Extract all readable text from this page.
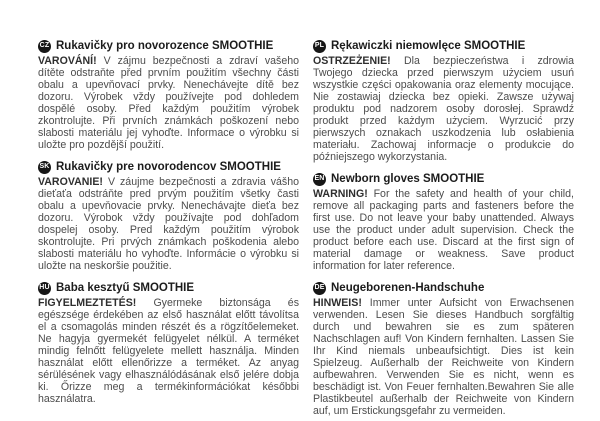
CZ Rukavičky pro novorozence SMOOTHIE

VAROVÁNÍ! V zájmu bezpečnosti a zdraví vašeho dítěte odstraňte před prvním použitím všechny části obalu a upevňovací prvky. Nenechávejte dítě bez dozoru. Výrobek vždy používejte pod dohledem dospělé osoby. Před každým použitím výrobek zkontrolujte. Při prvních známkách poškození nebo slabosti materiálu jej vyhoďte. Informace o výrobku si uložte pro pozdější použití.

SK Rukavičky pre novorodencov SMOOTHIE

VAROVANIE! V záujme bezpečnosti a zdravia vášho dieťaťa odstráňte pred prvým použitím všetky časti obalu a upevňovacie prvky. Nenechávajte dieťa bez dozoru. Výrobok vždy používajte pod dohľadom dospelej osoby. Pred každým použitím výrobok skontrolujte. Pri prvých známkach poškodenia alebo slabosti materiálu ho vyhoďte. Informácie o výrobku si uložte na neskoršie použitie.

HU Baba kesztyű SMOOTHIE

FIGYELMEZTETÉS! Gyermeke biztonsága és egészsége érdekében az első használat előtt távolítsa el a csomagolás minden részét és a rögzítőelemeket. Ne hagyja gyermekét felügyelet nélkül. A terméket mindig felnőtt felügyelete mellett használja. Minden használat előtt ellenőrizze a terméket. Az anyag sérülésének vagy elhasználódásának első jelére dobja ki. Őrizze meg a termékinformációkat későbbi használatra.

PL Rękawiczki niemowlęce SMOOTHIE

OSTRZEŻENIE! Dla bezpieczeństwa i zdrowia Twojego dziecka przed pierwszym użyciem usuń wszystkie części opakowania oraz elementy mocujące. Nie zostawiaj dziecka bez opieki. Zawsze używaj produktu pod nadzorem osoby dorosłej. Sprawdź produkt przed każdym użyciem. Wyrzucić przy pierwszych oznakach uszkodzenia lub osłabienia materiału. Zachowaj informacje o produkcie do późniejszego wykorzystania.

EN Newborn gloves SMOOTHIE

WARNING! For the safety and health of your child, remove all packaging parts and fasteners before the first use. Do not leave your baby unattended. Always use the product under adult supervision. Check the product before each use. Discard at the first sign of material damage or weakness. Save product information for later reference.

DE Neugeborenen-Handschuhe

HINWEIS! Immer unter Aufsicht von Erwachsenen verwenden. Lesen Sie dieses Handbuch sorgfältig durch und bewahren sie es zum späteren Nachschlagen auf! Von Kindern fernhalten. Lassen Sie Ihr Kind niemals unbeaufsichtigt. Dies ist kein Spielzeug. Außerhalb der Reichweite von Kindern aufbewahren. Verwenden Sie es nicht, wenn es beschädigt ist. Von Feuer fernhalten.Bewahren Sie alle Plastikbeutel außerhalb der Reichweite von Kindern auf, um Erstickungsgefahr zu vermeiden.
